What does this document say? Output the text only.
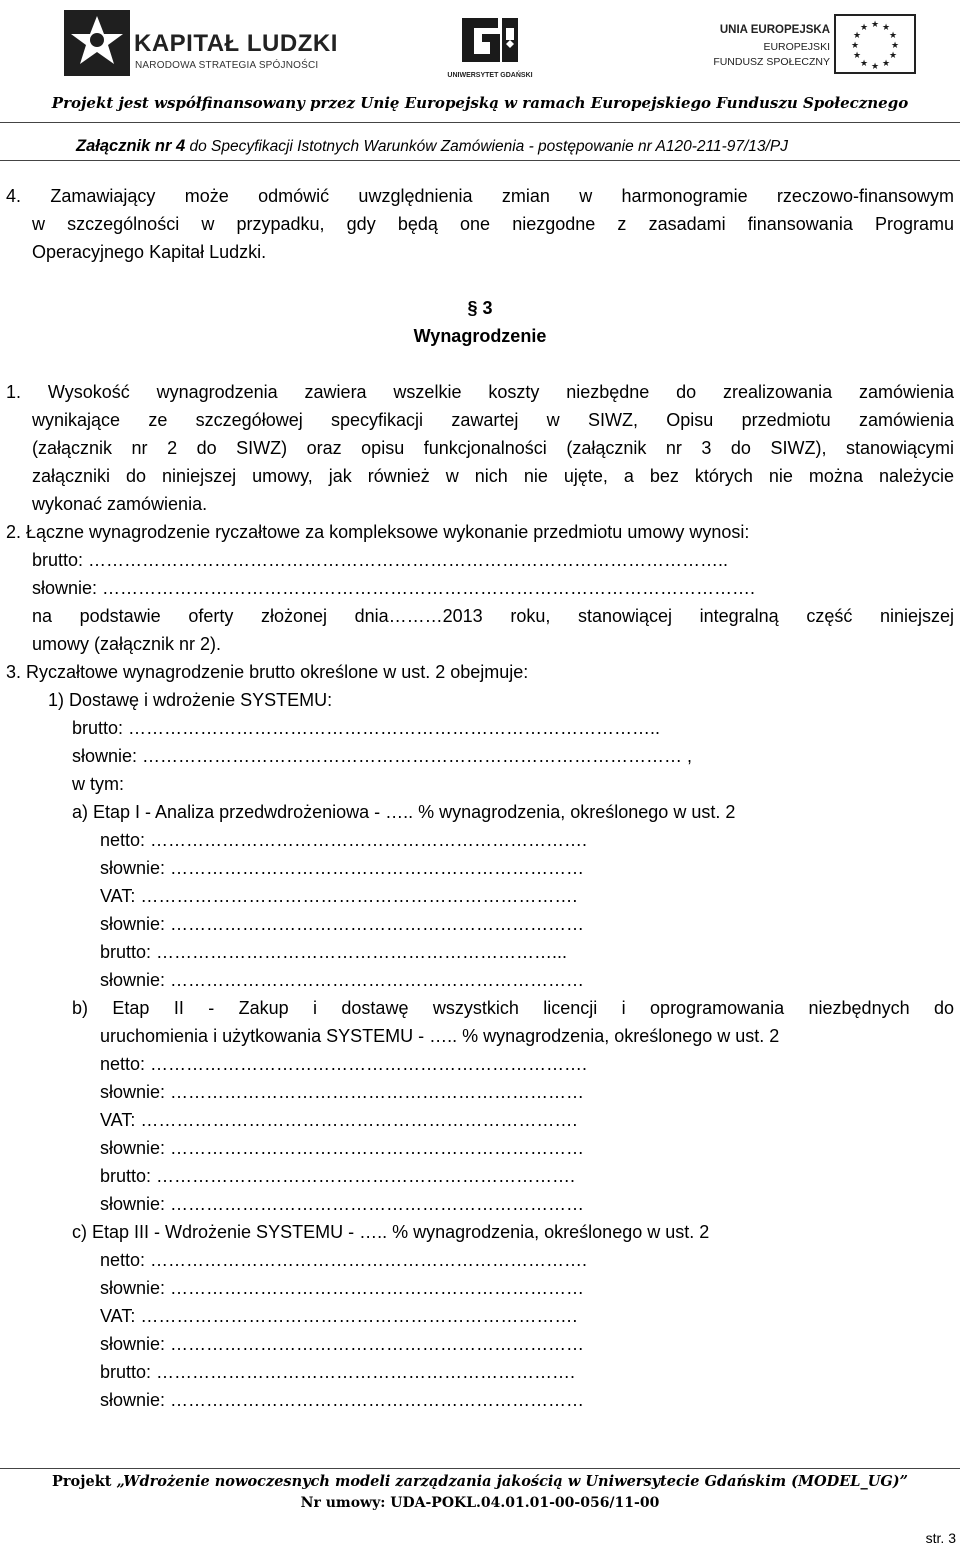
KAPITAŁ LUDZKI
NARODOWA STRATEGIA SPÓJNOŚCI
UNIWERSYTET GDAŃSKI
UNIA EUROPEJSKA
EUROPEJSKI
FUNDUSZ SPOŁECZNY
★ ★
★
★
★
★
★
★
★
★
★
★
Projekt jest współfinansowany przez Unię Europejską w ramach Europejskiego Funduszu Społecznego
Załącznik nr 4 do Specyfikacji Istotnych Warunków Zamówienia - postępowanie nr A120-211-97/13/PJ
4. Zamawiający może odmówić uwzględnienia zmian w harmonogramie rzeczowo-finansowym
w szczególności w przypadku, gdy będą one niezgodne z zasadami finansowania Programu
Operacyjnego Kapitał Ludzki.
§ 3
Wynagrodzenie
1. Wysokość wynagrodzenia zawiera wszelkie koszty niezbędne do zrealizowania zamówienia
wynikające ze szczegółowej specyfikacji zawartej w SIWZ, Opisu przedmiotu zamówienia
(załącznik nr 2 do SIWZ) oraz opisu funkcjonalności (załącznik nr 3 do SIWZ), stanowiącymi
załączniki do niniejszej umowy, jak również w nich nie ujęte, a bez których nie można należycie
wykonać zamówienia.
2. Łączne wynagrodzenie ryczałtowe za kompleksowe wykonanie przedmiotu umowy wynosi:
brutto: ……………………………………………………………………………………………..
słownie: ……………………………………………………………………………………………….
na podstawie oferty złożonej dnia………2013 roku, stanowiącej integralną część niniejszej
umowy (załącznik nr 2).
3. Ryczałtowe wynagrodzenie brutto określone w ust. 2 obejmuje:
1) Dostawę i wdrożenie SYSTEMU:
brutto: ……………………………………………………………………………..
słownie: ……………………………………………………………………………… ,
w tym:
a) Etap I - Analiza przedwdrożeniowa - ….. % wynagrodzenia, określonego w ust. 2
netto: ……………………………………………………………….
słownie: ……………………………………………………………
VAT: ……………………………………………………………….
słownie: ……………………………………………………………
brutto: …………………………………………………………...
słownie: ……………………………………………………………
b) Etap II - Zakup i dostawę wszystkich licencji i oprogramowania niezbędnych do
uruchomienia i użytkowania SYSTEMU - ….. % wynagrodzenia, określonego w ust. 2
netto: ……………………………………………………………….
słownie: ……………………………………………………………
VAT: ……………………………………………………………….
słownie: ……………………………………………………………
brutto: …………………………………………………………….
słownie: ……………………………………………………………
c) Etap III - Wdrożenie SYSTEMU - ….. % wynagrodzenia, określonego w ust. 2
netto: ……………………………………………………………….
słownie: ……………………………………………………………
VAT: ……………………………………………………………….
słownie: ……………………………………………………………
brutto: …………………………………………………………….
słownie: ……………………………………………………………
Projekt „Wdrożenie nowoczesnych modeli zarządzania jakością w Uniwersytecie Gdańskim (MODEL_UG)”
Nr umowy: UDA-POKL.04.01.01-00-056/11-00
str. 3
